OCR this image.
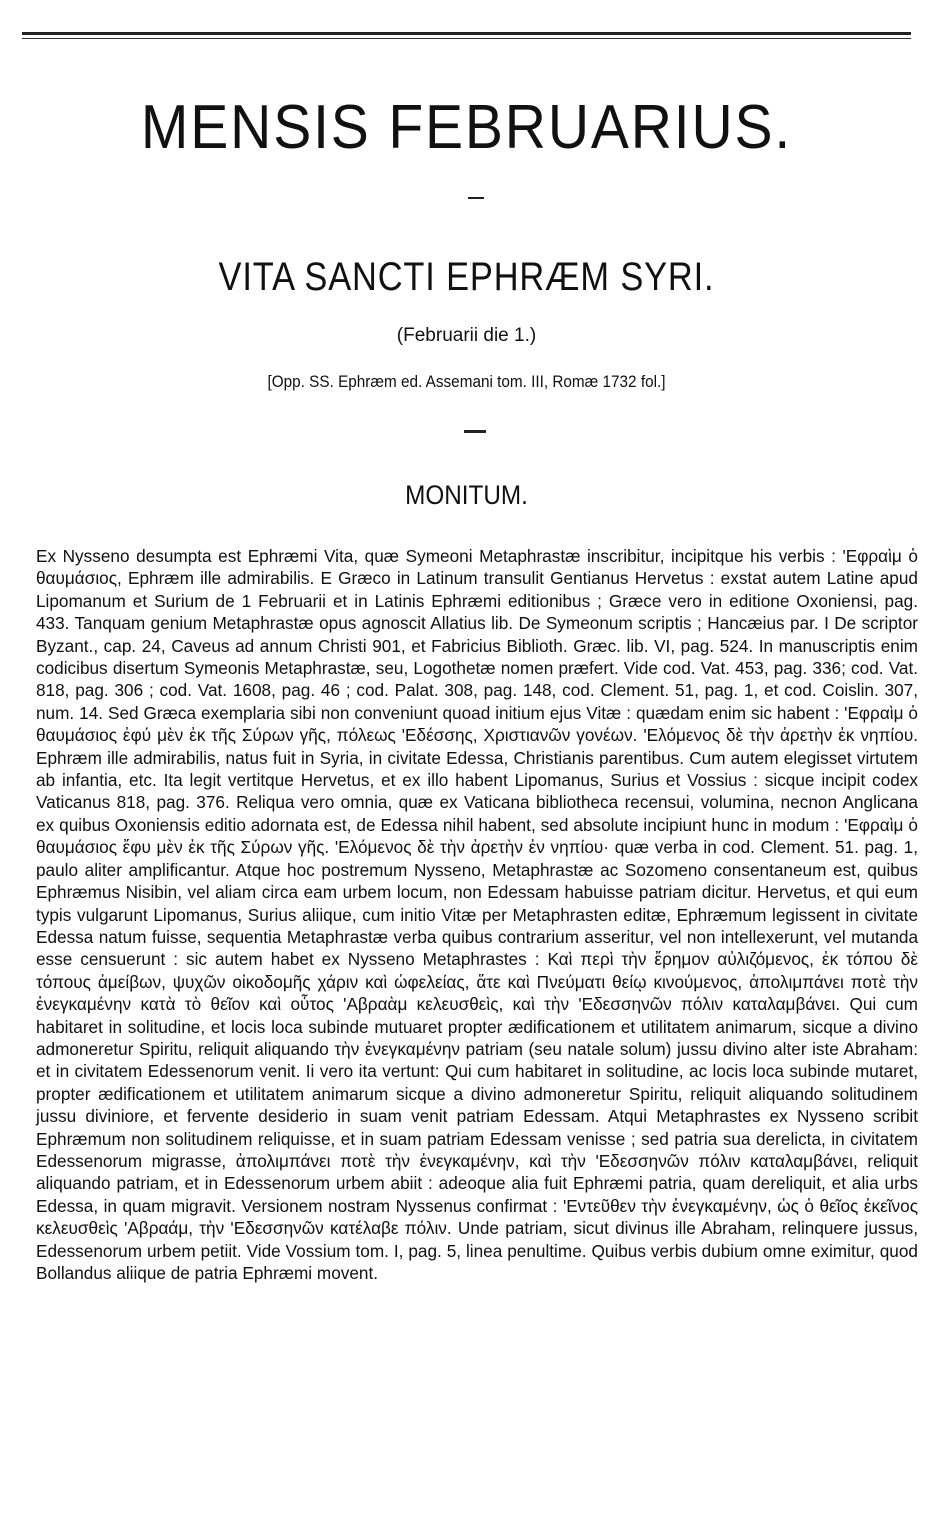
MENSIS FEBRUARIUS.
VITA SANCTI EPHRÆM SYRI.
(Februarii die 1.)
[Opp. SS. Ephræm ed. Assemani tom. III, Romæ 1732 fol.]
MONITUM.

Ex Nysseno desumpta est Ephræmi Vita, quæ Symeoni Metaphrastæ inscribitur, incipitque his verbis : 'Εφραὶμ ὁ θαυμάσιος, Ephræm ille admirabilis. E Græco in Latinum transulit Gentianus Hervetus : exstat autem Latine apud Lipomanum et Surium de 1 Februarii et in Latinis Ephræmi editionibus ; Græce vero in editione Oxoniensi, pag. 433. Tanquam genium Metaphrastæ opus agnoscit Allatius lib. De Symeonum scriptis ; Hancæius par. I De scriptor Byzant., cap. 24, Caveus ad annum Christi 901, et Fabricius Biblioth. Græc. lib. VI, pag. 524. In manuscriptis enim codicibus disertum Symeonis Metaphrastæ, seu, Logothetæ nomen præfert. Vide cod. Vat. 453, pag. 336; cod. Vat. 818, pag. 306 ; cod. Vat. 1608, pag. 46 ; cod. Palat. 308, pag. 148, cod. Clement. 51, pag. 1, et cod. Coislin. 307, num. 14. Sed Græca exemplaria sibi non conveniunt quoad initium ejus Vitæ : quædam enim sic habent : 'Εφραὶμ ὁ θαυμάσιος ἐφύ μὲν ἐκ τῆς Σύρων γῆς, πόλεως 'Εδέσσης, Χριστιανῶν γονέων. 'Ελόμενος δὲ τὴν ἀρετὴν ἐκ νηπίου. Ephræm ille admirabilis, natus fuit in Syria, in civitate Edessa, Christianis parentibus. Cum autem elegisset virtutem ab infantia, etc. Ita legit vertitque Hervetus, et ex illo habent Lipomanus, Surius et Vossius : sicque incipit codex Vaticanus 818, pag. 376. Reliqua vero omnia, quæ ex Vaticana bibliotheca recensui, volumina, necnon Anglicana ex quibus Oxoniensis editio adornata est, de Edessa nihil habent, sed absolute incipiunt hunc in modum : 'Εφραὶμ ὁ θαυμάσιος ἔφυ μὲν ἐκ τῆς Σύρων γῆς. 'Ελόμενος δὲ τὴν ἀρετὴν ἐν νηπίου· quæ verba in cod. Clement. 51. pag. 1, paulo aliter amplificantur. Atque hoc postremum Nysseno, Metaphrastæ ac Sozomeno consentaneum est, quibus Ephræmus Nisibin, vel aliam circa eam urbem locum, non Edessam habuisse patriam dicitur. Hervetus, et qui eum typis vulgarunt Lipomanus, Surius aliique, cum initio Vitæ per Metaphrasten editæ, Ephræmum legissent in civitate Edessa natum fuisse, sequentia Metaphrastæ verba quibus contrarium asseritur, vel non intellexerunt, vel mutanda esse censuerunt : sic autem habet ex Nysseno Metaphrastes : Καὶ περὶ τὴν ἔρημον αὐλιζόμενος, ἐκ τόπου δὲ τόπους ἀμείβων, ψυχῶν οἰκοδομῆς χάριν καὶ ὠφελείας, ἅτε καὶ Πνεύματι θείῳ κινούμενος, ἀπολιμπάνει ποτὲ τὴν ἐνεγκαμένην κατὰ τὸ θεῖον καὶ οὗτος 'Αβραὰμ κελευσθεὶς, καὶ τὴν 'Εδεσσηνῶν πόλιν καταλαμβάνει. Qui cum habitaret in solitudine, et locis loca subinde mutuaret propter ædificationem et utilitatem animarum, sicque a divino admoneretur Spiritu, reliquit aliquando τὴν ἐνεγκαμένην patriam (seu natale solum) jussu divino alter iste Abraham: et in civitatem Edessenorum venit. Ii vero ita vertunt: Qui cum habitaret in solitudine, ac locis loca subinde mutaret, propter ædificationem et utilitatem animarum sicque a divino admoneretur Spiritu, reliquit aliquando solitudinem jussu diviniore, et fervente desiderio in suam venit patriam Edessam. Atqui Metaphrastes ex Nysseno scribit Ephræmum non solitudinem reliquisse, et in suam patriam Edessam venisse ; sed patria sua derelicta, in civitatem Edessenorum migrasse, ἀπολιμπάνει ποτὲ τὴν ἐνεγκαμένην, καὶ τὴν 'Εδεσσηνῶν πόλιν καταλαμβάνει, reliquit aliquando patriam, et in Edessenorum urbem abiit : adeoque alia fuit Ephræmi patria, quam dereliquit, et alia urbs Edessa, in quam migravit. Versionem nostram Nyssenus confirmat : 'Εντεῦθεν τὴν ἐνεγκαμένην, ὡς ὁ θεῖος ἐκεῖνος κελευσθεὶς 'Αβραάμ, τὴν 'Εδεσσηνῶν κατέλαβε πόλιν. Unde patriam, sicut divinus ille Abraham, relinquere jussus, Edessenorum urbem petiit. Vide Vossium tom. I, pag. 5, linea penultime. Quibus verbis dubium omne eximitur, quod Bollandus aliique de patria Ephræmi movent.
